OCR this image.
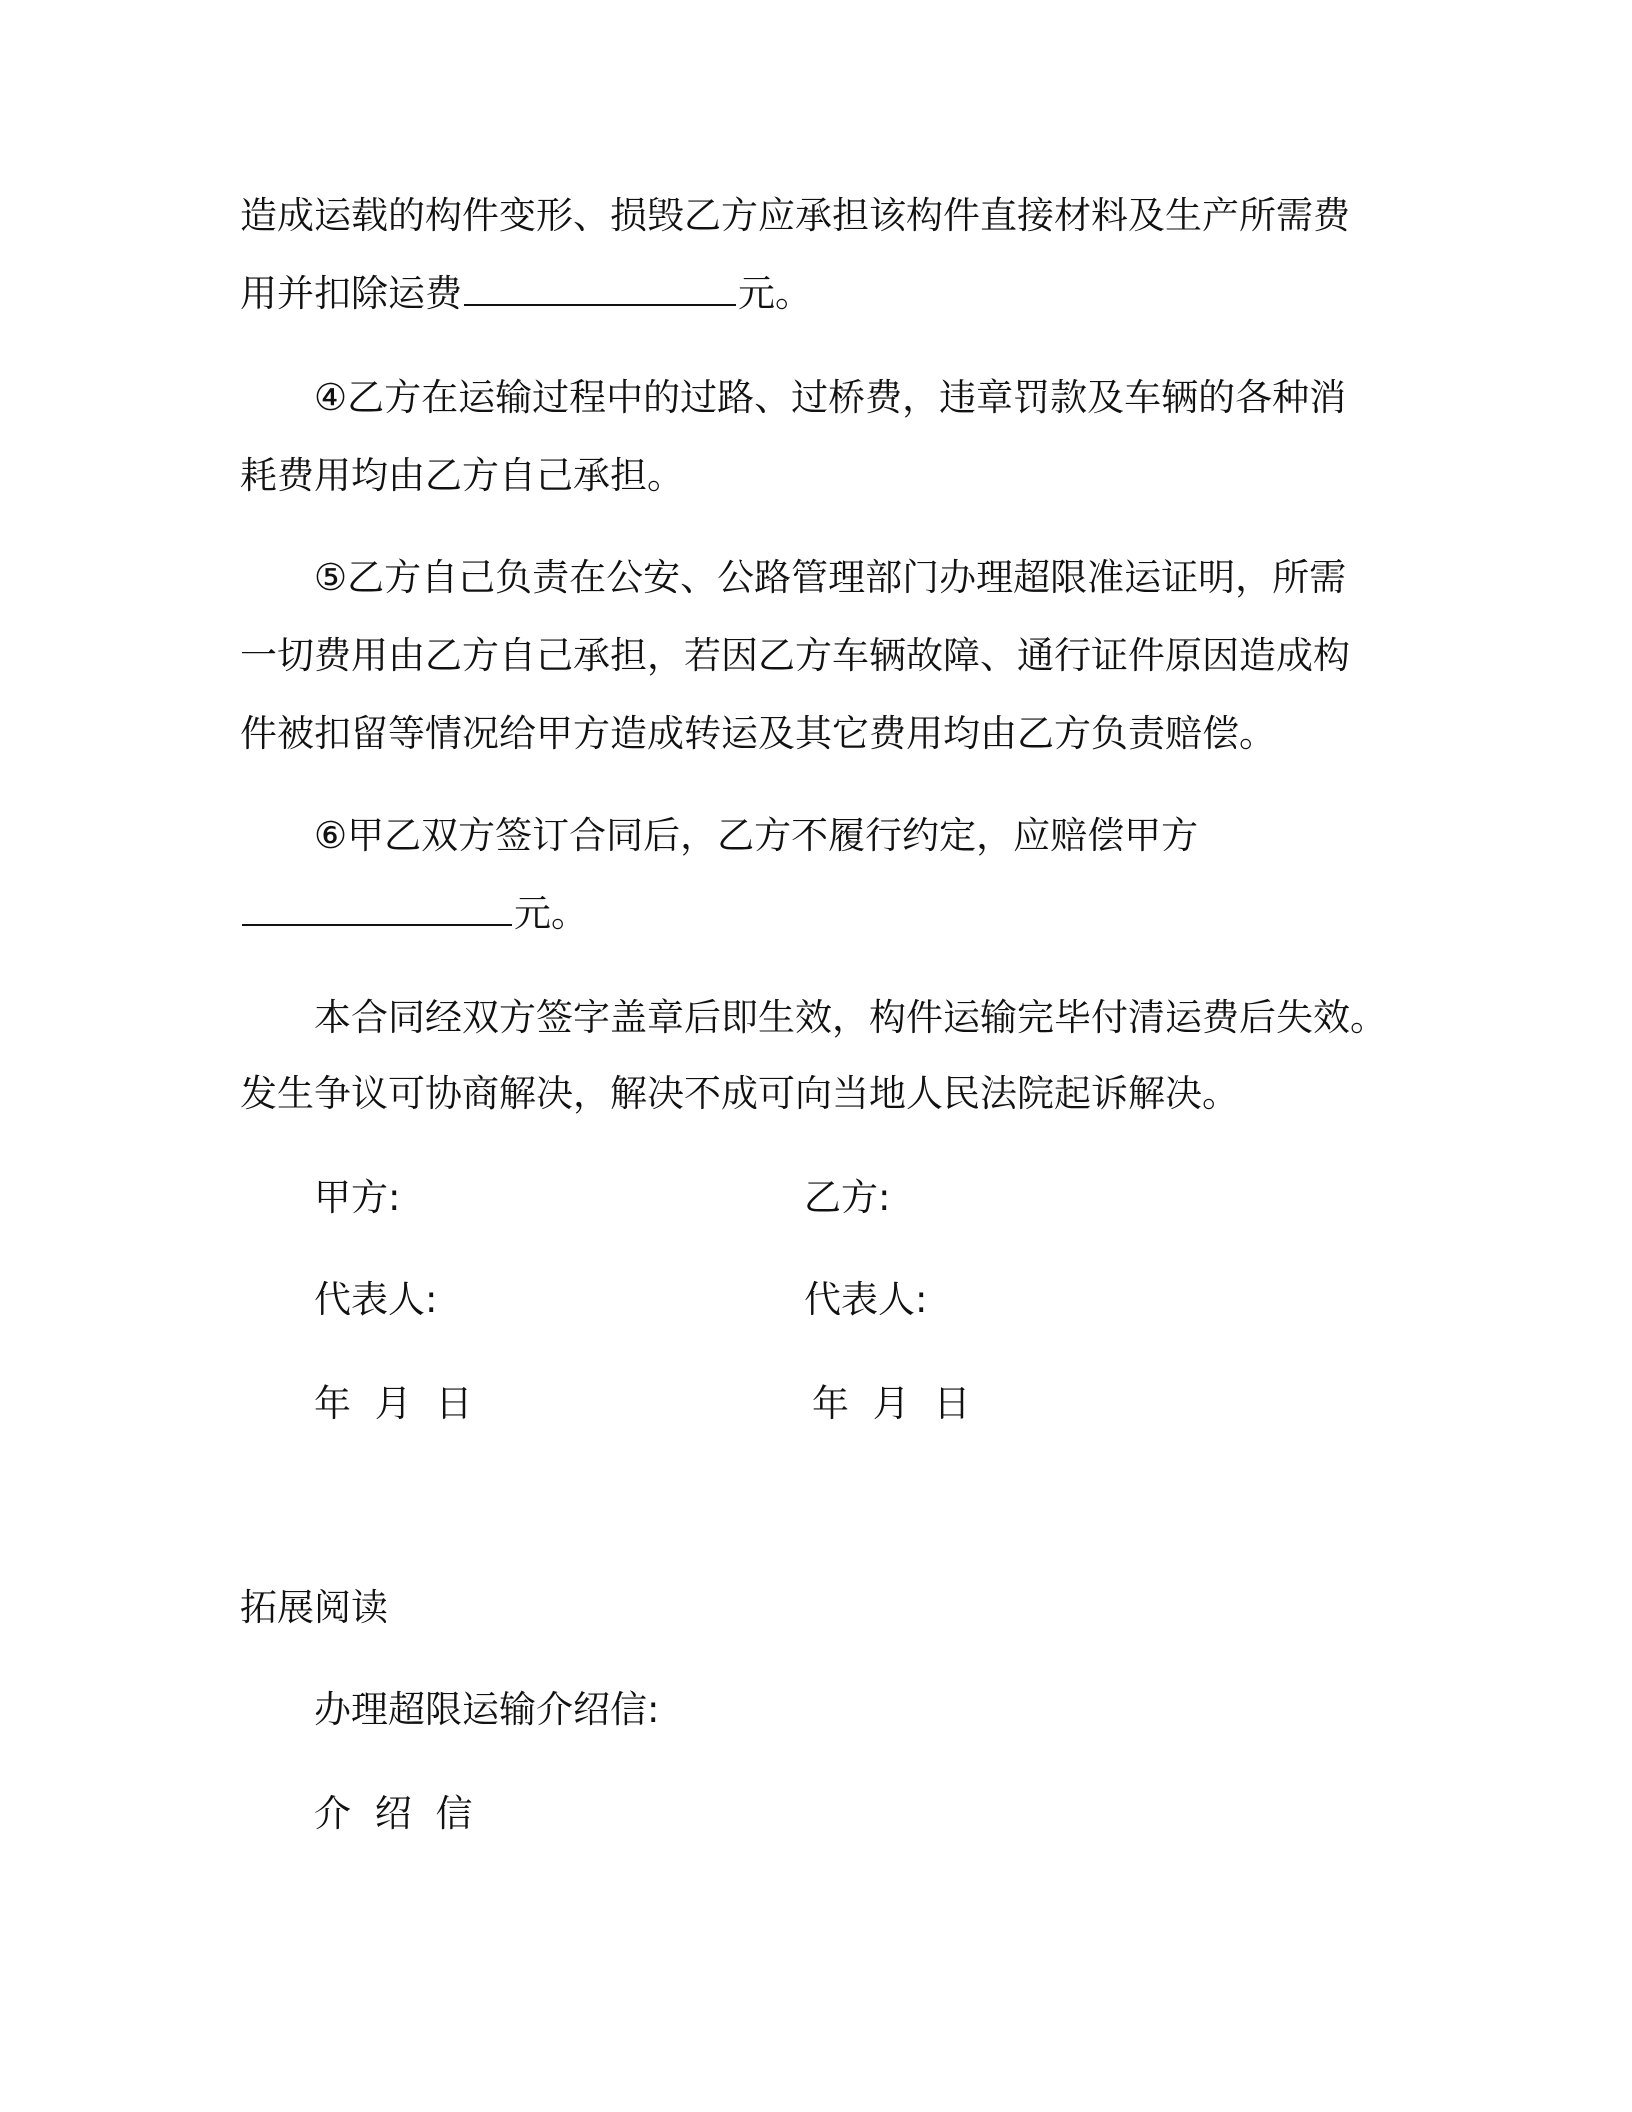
造成运载的构件变形、损毁乙方应承担该构件直接材料及生产所需费
用并扣除运费	元。
④乙方在运输过程中的过路、过桥费，违章罚款及车辆的各种消
耗费用均由乙方自己承担。
⑤乙方自己负责在公安、公路管理部门办理超限准运证明，所需
一切费用由乙方自己承担，若因乙方车辆故障、通行证件原因造成构
件被扣留等情况给甲方造成转运及其它费用均由乙方负责赔偿。
⑥甲乙双方签订合同后，乙方不履行约定，应赔偿甲方
元。
本合同经双方签字盖章后即生效，构件运输完毕付清运费后失效。
发生争议可协商解决，解决不成可向当地人民法院起诉解决。
甲方:	乙方:
代表人:	代表人:
年 月 日	年 月 日
拓展阅读
办理超限运输介绍信:
介 绍 信
